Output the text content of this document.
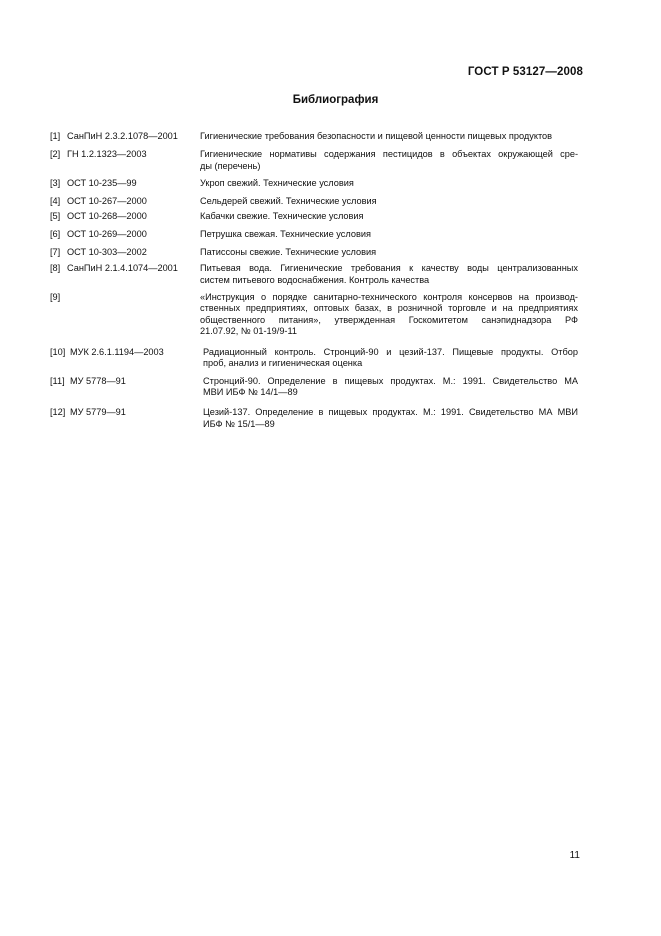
ГОСТ Р 53127—2008
Библиография
[1] СанПиН 2.3.2.1078—2001	Гигиенические требования безопасности и пищевой ценности пищевых продуктов
[2] ГН 1.2.1323—2003	Гигиенические нормативы содержания пестицидов в объектах окружающей сре-
ды (перечень)
[3] ОСТ 10-235—99	Укроп свежий. Технические условия
[4] ОСТ 10-267—2000	Сельдерей свежий. Технические условия
[5] ОСТ 10-268—2000	Кабачки свежие. Технические условия
[6] ОСТ 10-269—2000	Петрушка свежая. Технические условия
[7] ОСТ 10-303—2002	Патиссоны свежие. Технические условия
[8] СанПиН 2.1.4.1074—2001	Питьевая вода. Гигиенические требования к качеству воды централизованных
систем питьевого водоснабжения. Контроль качества
[9]	«Инструкция о порядке санитарно-технического контроля консервов на производ-
ственных предприятиях, оптовых базах, в розничной торговле и на предприятиях
общественного питания», утвержденная Госкомитетом санэпиднадзора РФ
21.07.92, № 01-19/9-11
[10] МУК 2.6.1.1194—2003	Радиационный контроль. Стронций-90 и цезий-137. Пищевые продукты. Отбор
проб, анализ и гигиеническая оценка
[11] МУ 5778—91	Стронций-90. Определение в пищевых продуктах. М.: 1991. Свидетельство МА
МВИ ИБФ № 14/1—89
[12] МУ 5779—91	Цезий-137. Определение в пищевых продуктах. М.: 1991. Свидетельство МА МВИ
ИБФ № 15/1—89
11
